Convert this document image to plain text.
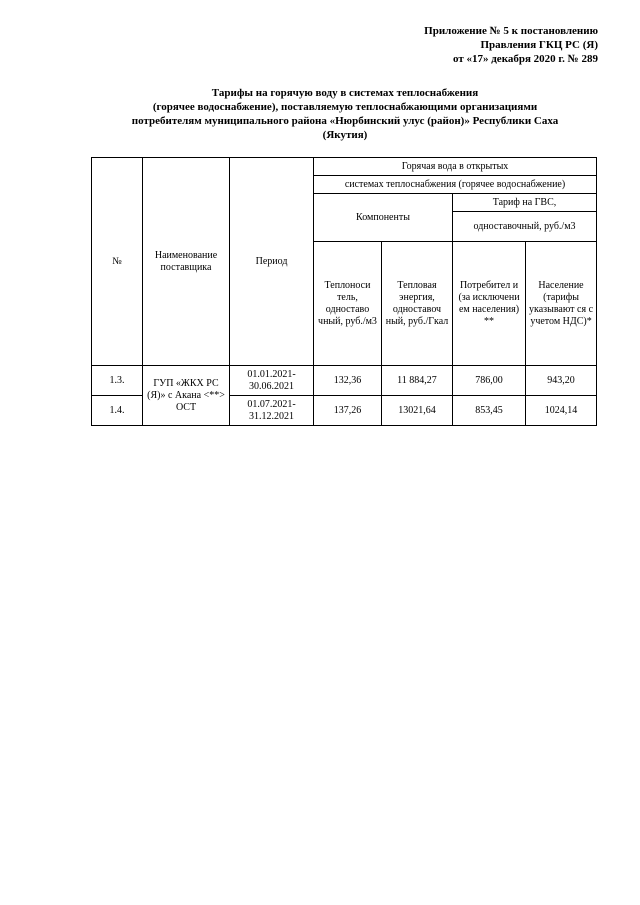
Приложение № 5 к постановлению
Правления ГКЦ РС (Я)
от «17» декабря 2020 г. № 289
Тарифы на горячую воду в системах теплоснабжения
(горячее водоснабжение), поставляемую теплоснабжающими организациями
потребителям муниципального района «Нюрбинский улус (район)» Республики Саха
(Якутия)
№	Наименование поставщика	Период	Горячая вода в открытых			
			системах теплоснабжения (горячее водоснабжение)			
			Компоненты		Тариф на ГВС,	
					одноставочный, руб./м3	
			Теплоноси тель, одноставо чный, руб./м3	Тепловая энергия, одноставоч ный, руб./Гкал	Потребител и (за исключени ем населения) **	Население (тарифы указывают ся с учетом НДС)*
1.3.	ГУП «ЖКХ РС (Я)» с Акана <**> ОСТ	01.01.2021-30.06.2021	132,36	11 884,27	786,00	943,20
1.4.		01.07.2021-31.12.2021	137,26	13021,64	853,45	1024,14
